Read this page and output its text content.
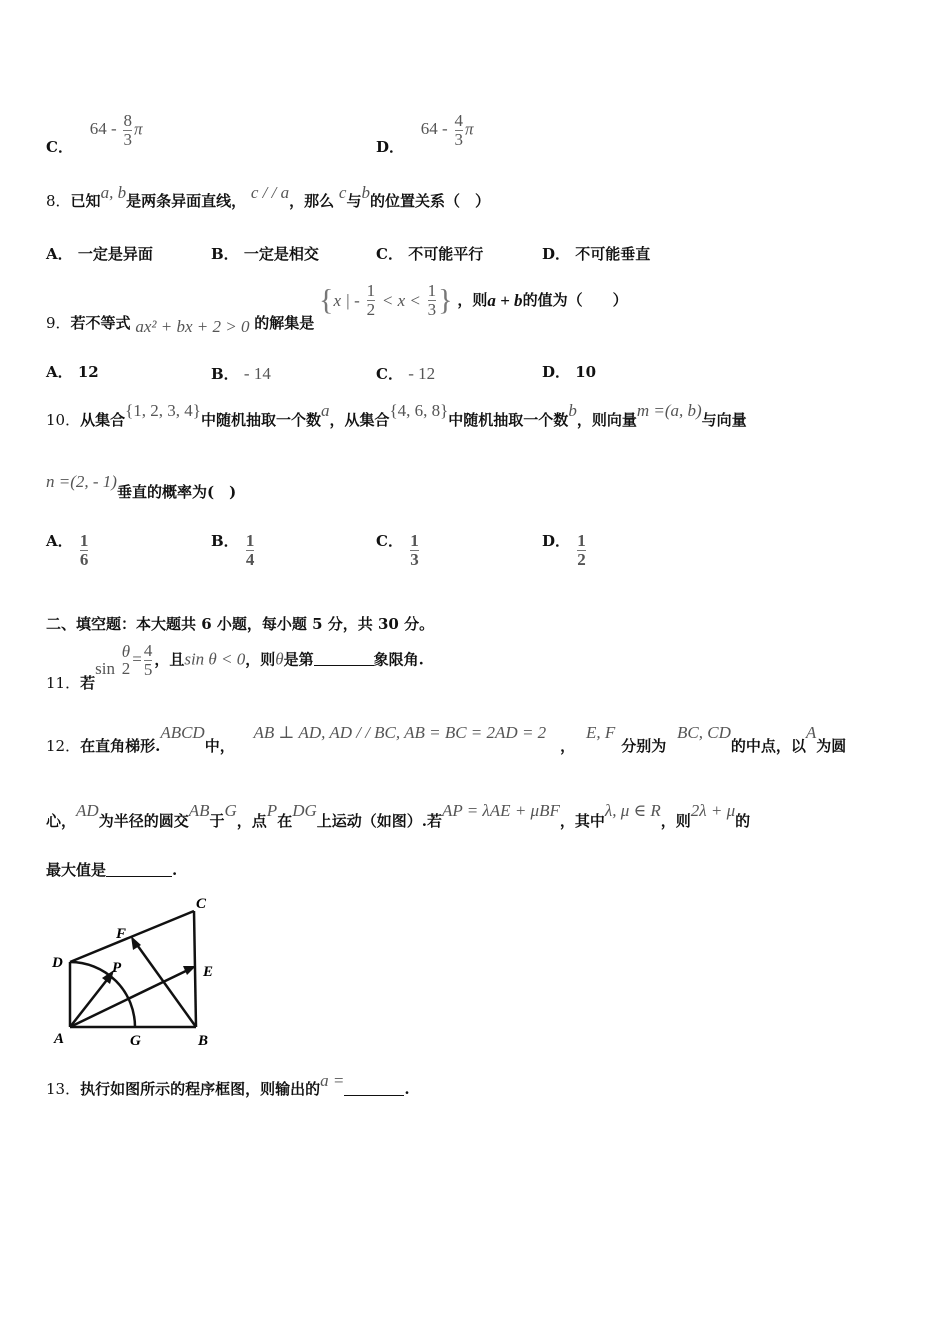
C． $64 - \frac{8}{3}$ π
D． $64 - \frac{4}{3}$ π
8．已知a, b是两条异面直线， c / / a，那么 c与b的位置关系（　）
A． 一定是异面	B． 一定是相交	C． 不可能平行	D． 不可能垂直
9．若不等式 ax² + bx + 2 > 0 的解集是 {x | - $\frac{1}{2} < x < \frac{1}{3}$ } ，则a + b的值为（　　）
A． 12	B． - 14	C． - 12	D． 10
10．从集合{1, 2, 3, 4}中随机抽取一个数a，从集合{4, 6, 8}中随机抽取一个数b，则向量m =(a, b)与向量
n =(2, - 1)垂直的概率为(　)
A． $\frac{1}{6}$	B． $\frac{1}{4}$	C． $\frac{1}{3}$	D． $\frac{1}{2}$
二、填空题：本大题共 6 小题，每小题 5 分，共 30 分。
11．若sin
θ
2
= $\frac{4}{5}$ ，且sin θ < 0，则θ是第	象限角.
12．在直角梯形.ABCD中， AB ⊥ AD, AD / / BC, AB = BC = 2AD = 2， E, F分别为 BC, CD的中点，以A为圆
心，AD为半径的圆交AB于G，点P在DG上运动（如图）.若AP = λAE + μBF，其中λ, μ ∈ R，则2λ + μ的
最大值是	.
A	B
C
D
E
F
G
P
13．执行如图所示的程序框图，则输出的a =	.
